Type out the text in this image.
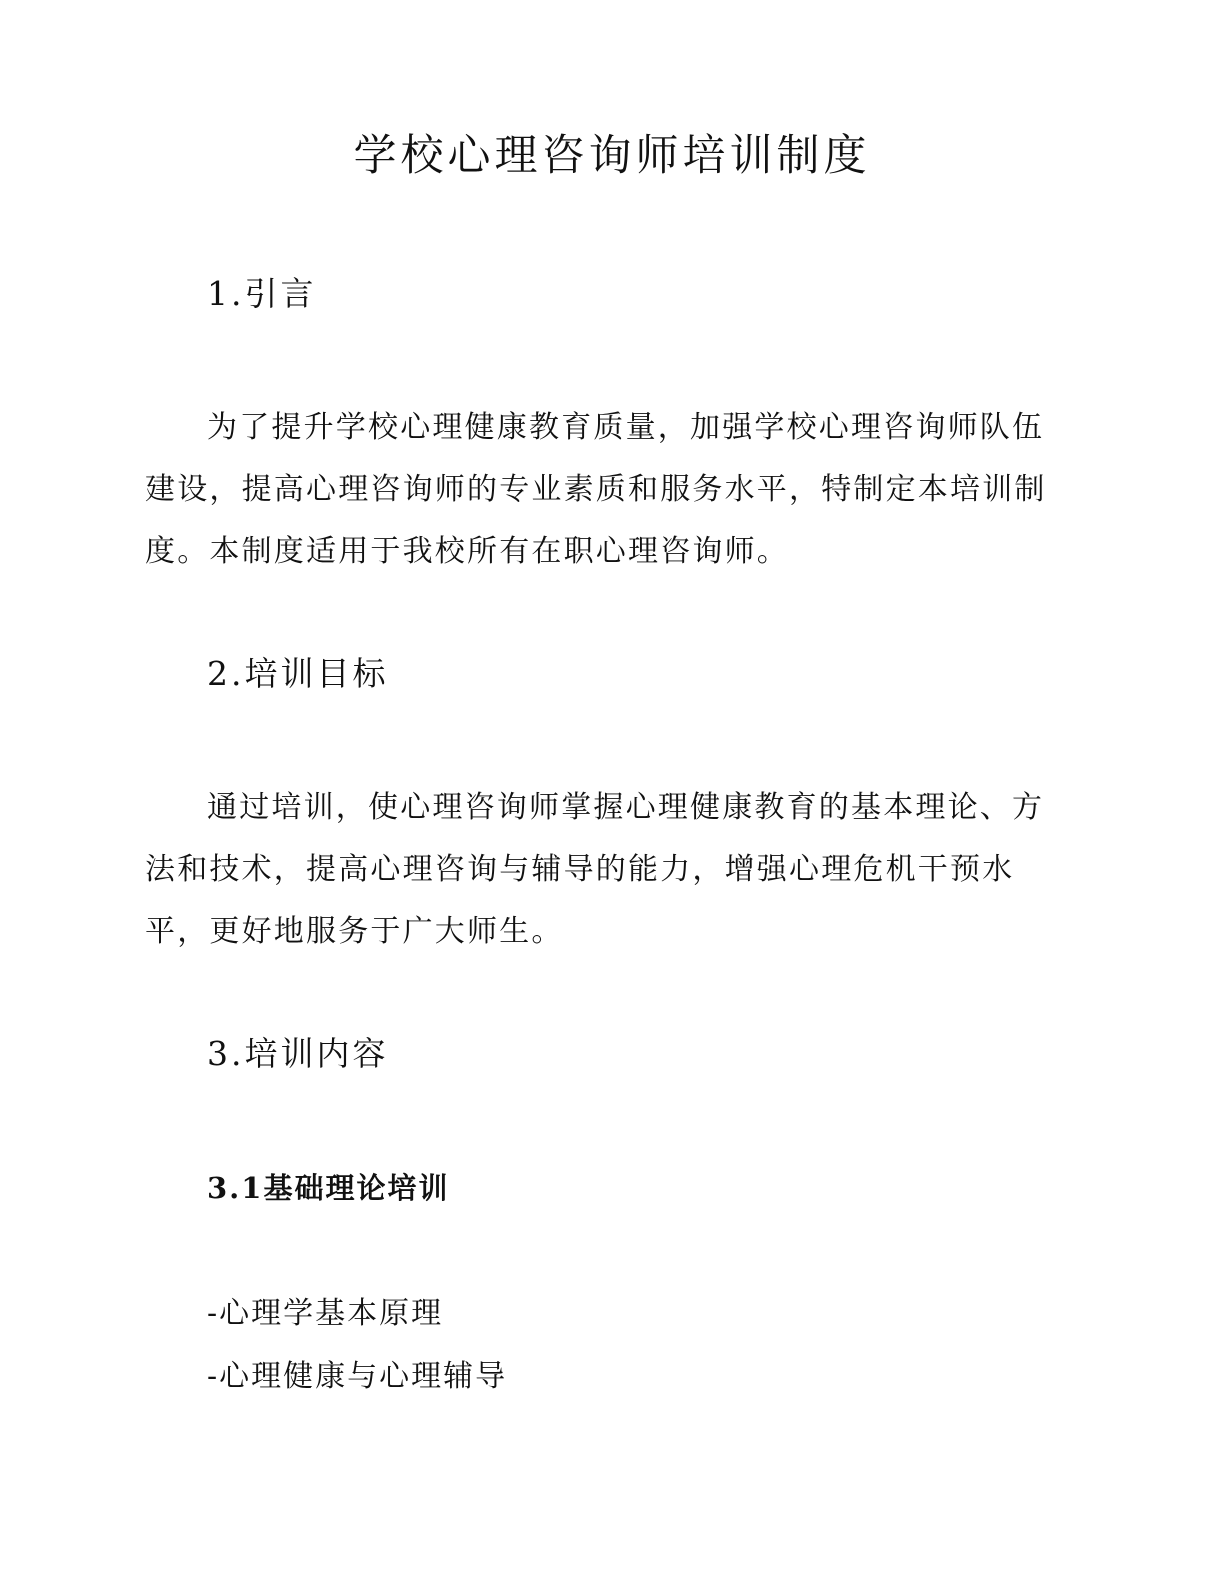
学校心理咨询师培训制度
1.引言

为了提升学校心理健康教育质量，加强学校心理咨询师队伍建设，提高心理咨询师的专业素质和服务水平，特制定本培训制度。本制度适用于我校所有在职心理咨询师。

2.培训目标

通过培训，使心理咨询师掌握心理健康教育的基本理论、方法和技术，提高心理咨询与辅导的能力，增强心理危机干预水平，更好地服务于广大师生。

3.培训内容
3.1基础理论培训
-心理学基本原理
-心理健康与心理辅导
